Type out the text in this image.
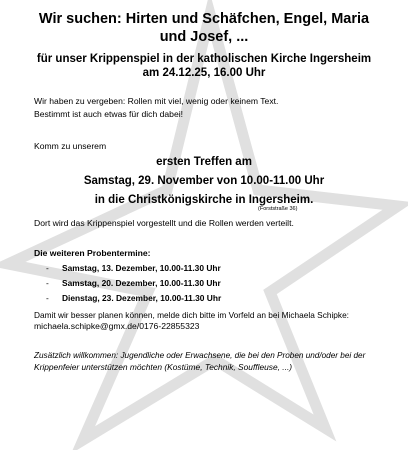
Wir suchen: Hirten und Schäfchen, Engel, Maria
und Josef, ...
für unser Krippenspiel in der katholischen Kirche Ingersheim
am 24.12.25, 16.00 Uhr
Wir haben zu vergeben: Rollen mit viel, wenig oder keinem Text.
Bestimmt ist auch etwas für dich dabei!
Komm zu unserem
ersten Treffen am
Samstag, 29. November von 10.00-11.00 Uhr
in die Christkönigskirche in Ingersheim.
(Forststraße 36)
Dort wird das Krippenspiel vorgestellt und die Rollen werden verteilt.
Die weiteren Probentermine:
- Samstag, 13. Dezember, 10.00-11.30 Uhr
- Samstag, 20. Dezember, 10.00-11.30 Uhr
- Dienstag, 23. Dezember, 10.00-11.30 Uhr
Damit wir besser planen können, melde dich bitte im Vorfeld an bei Michaela Schipke:
michaela.schipke@gmx.de/0176-22855323
Zusätzlich willkommen: Jugendliche oder Erwachsene, die bei den Proben und/oder bei der
Krippenfeier unterstützen möchten (Kostüme, Technik, Souffleuse, ...)
